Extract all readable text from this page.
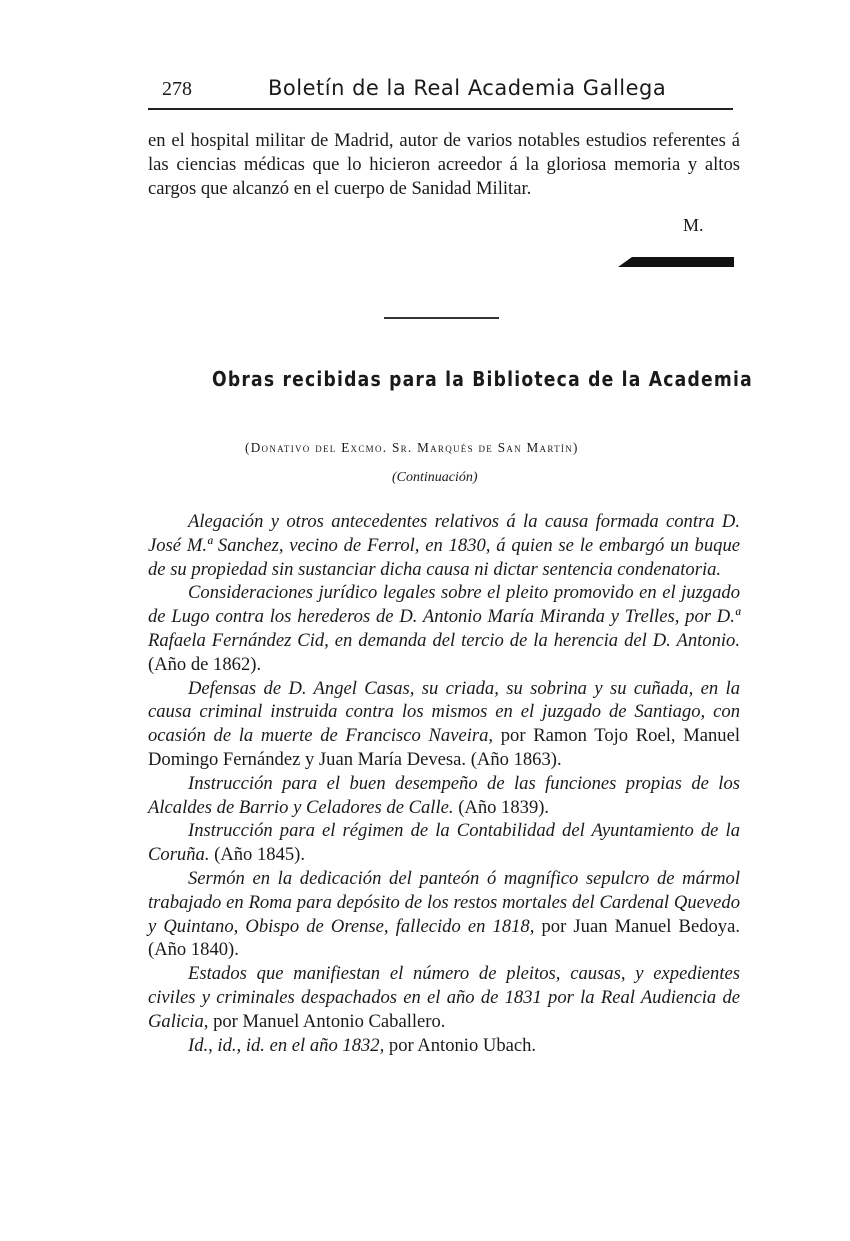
278	Boletín de la Real Academia Gallega

en el hospital militar de Madrid, autor de varios notables estudios referentes á las ciencias médicas que lo hicieron acreedor á la gloriosa memoria y altos cargos que alcanzó en el cuerpo de Sanidad Militar.

M.
Obras recibidas para la Biblioteca de la Academia
(Donativo del Excmo. Sr. Marqués de San Martín)
(Continuación)

Alegación y otros antecedentes relativos á la causa formada contra D. José M.ª Sanchez, vecino de Ferrol, en 1830, á quien se le embargó un buque de su propiedad sin sustanciar dicha causa ni dictar sentencia condenatoria.

Consideraciones jurídico legales sobre el pleito promovido en el juzgado de Lugo contra los herederos de D. Antonio María Miranda y Trelles, por D.ª Rafaela Fernández Cid, en demanda del tercio de la herencia del D. Antonio. (Año de 1862).

Defensas de D. Angel Casas, su criada, su sobrina y su cuñada, en la causa criminal instruida contra los mismos en el juzgado de Santiago, con ocasión de la muerte de Francisco Naveira, por Ramon Tojo Roel, Manuel Domingo Fernández y Juan María Devesa. (Año 1863).

Instrucción para el buen desempeño de las funciones propias de los Alcaldes de Barrio y Celadores de Calle. (Año 1839).

Instrucción para el régimen de la Contabilidad del Ayuntamiento de la Coruña. (Año 1845).

Sermón en la dedicación del panteón ó magnífico sepulcro de mármol trabajado en Roma para depósito de los restos mortales del Cardenal Quevedo y Quintano, Obispo de Orense, fallecido en 1818, por Juan Manuel Bedoya. (Año 1840).

Estados que manifiestan el número de pleitos, causas, y expedientes civiles y criminales despachados en el año de 1831 por la Real Audiencia de Galicia, por Manuel Antonio Caballero.

Id., id., id. en el año 1832, por Antonio Ubach.
